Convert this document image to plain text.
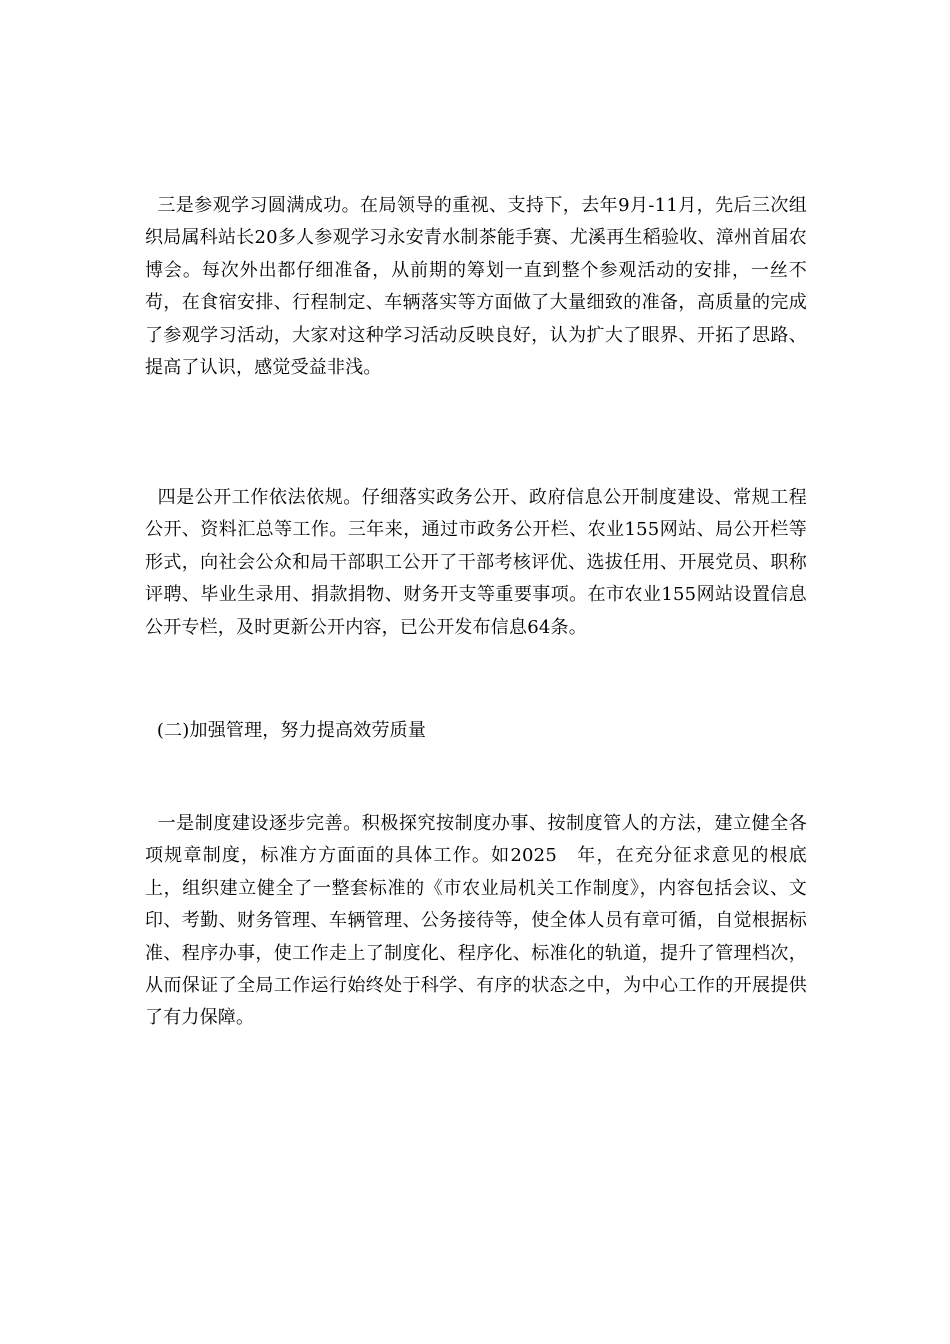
三是参观学习圆满成功。在局领导的重视、支持下，去年9月-11月，先后三次组织局属科站长20多人参观学习永安青水制茶能手赛、尤溪再生稻验收、漳州首届农博会。每次外出都仔细准备，从前期的筹划一直到整个参观活动的安排，一丝不苟，在食宿安排、行程制定、车辆落实等方面做了大量细致的准备，高质量的完成了参观学习活动，大家对这种学习活动反映良好，认为扩大了眼界、开拓了思路、提高了认识，感觉受益非浅。

四是公开工作依法依规。仔细落实政务公开、政府信息公开制度建设、常规工程公开、资料汇总等工作。三年来，通过市政务公开栏、农业155网站、局公开栏等形式，向社会公众和局干部职工公开了干部考核评优、选拔任用、开展党员、职称评聘、毕业生录用、捐款捐物、财务开支等重要事项。在市农业155网站设置信息公开专栏，及时更新公开内容，已公开发布信息64条。

(二)加强管理，努力提高效劳质量

一是制度建设逐步完善。积极探究按制度办事、按制度管人的方法，建立健全各项规章制度，标准方方面面的具体工作。如2025　年，在充分征求意见的根底上，组织建立健全了一整套标准的《市农业局机关工作制度》，内容包括会议、文印、考勤、财务管理、车辆管理、公务接待等，使全体人员有章可循，自觉根据标准、程序办事，使工作走上了制度化、程序化、标准化的轨道，提升了管理档次，从而保证了全局工作运行始终处于科学、有序的状态之中，为中心工作的开展提供了有力保障。
